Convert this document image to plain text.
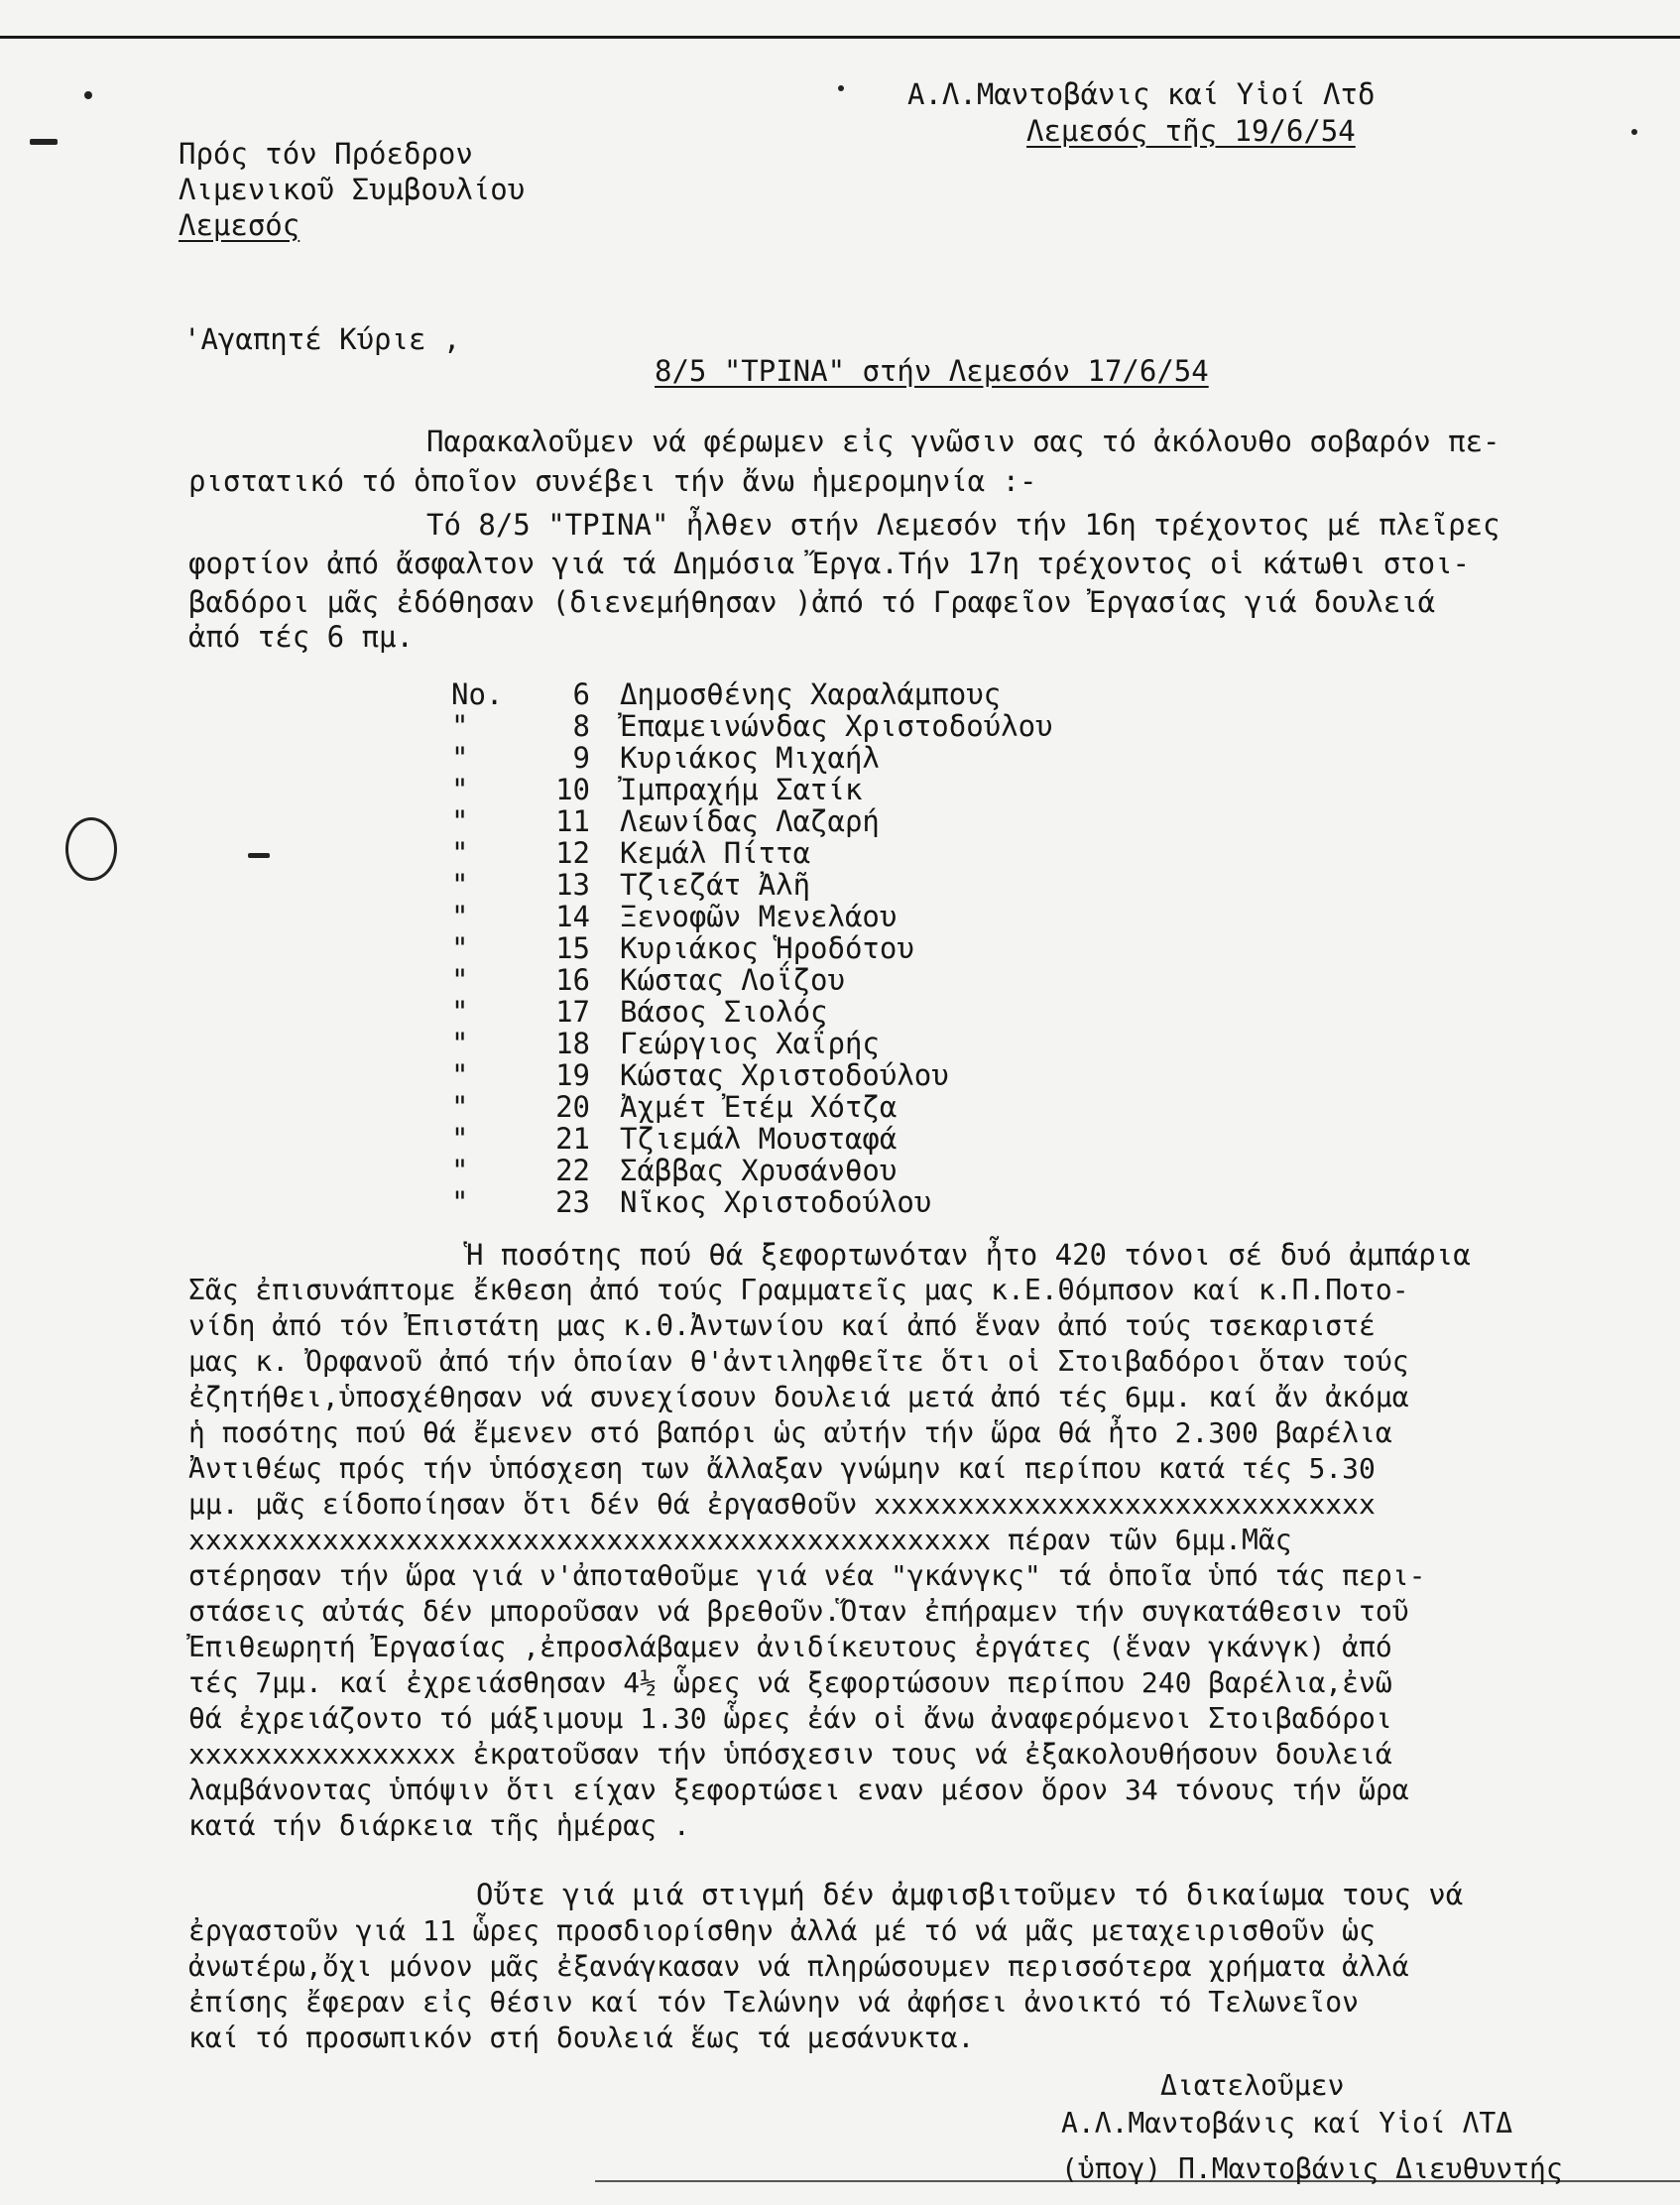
Α.Λ.Μαντοβάνις καί Υἱοί Λτδ
Λεμεσός τῆς 19/6/54
Πρός τόν Πρόεδρον
Λιμενικοῦ Συμβουλίου
Λεμεσός
'Αγαπητέ Κύριε ,
8/5 "ΤΡΙΝΑ" στήν Λεμεσόν 17/6/54
Παρακαλοῦμεν νά φέρωμεν εἰς γνῶσιν σας τό ἀκόλουθο σοβαρόν πε-
ριστατικό τό ὁποῖον συνέβει τήν ἄνω ἡμερομηνία :-
Τό 8/5 "ΤΡΙΝΑ" ἦλθεν στήν Λεμεσόν τήν 16η τρέχοντος μέ πλεῖρες
φορτίον ἀπό ἄσφαλτον γιά τά Δημόσια Ἔργα.Τήν 17η τρέχοντος οἱ κάτωθι στοι-
βαδόροι μᾶς ἐδόθησαν (διενεμήθησαν )ἀπό τό Γραφεῖον Ἐργασίας γιά δουλειά
ἀπό τές 6 πμ.
No.	6 Δημοσθένης Χαραλάμπους
"	8 Ἐπαμεινώνδας Χριστοδούλου
"	9 Κυριάκος Μιχαήλ
"	10 Ἰμπραχήμ Σατίκ
"	11 Λεωνίδας Λαζαρή
"	12 Κεμάλ Πίττα
"	13 Τζιεζάτ Ἀλῆ
"	14 Ξενοφῶν Μενελάου
"	15 Κυριάκος Ἡροδότου
"	16 Κώστας Λοΐζου
"	17 Βάσος Σιολός
"	18 Γεώργιος Χαΐρής
"	19 Κώστας Χριστοδούλου
"	20 Ἀχμέτ Ἐτέμ Χότζα
"	21 Τζιεμάλ Μουσταφά
"	22 Σάββας Χρυσάνθου
"	23 Νῖκος Χριστοδούλου
Ἡ ποσότης πού θά ξεφορτωνόταν ἦτο 420 τόνοι σέ δυό ἀμπάρια
Σᾶς ἐπισυνάπτομε ἔκθεση ἀπό τούς Γραμματεῖς μας κ.Ε.Θόμπσον καί κ.Π.Ποτο-
νίδη ἀπό τόν Ἐπιστάτη μας κ.Θ.Ἀντωνίου καί ἀπό ἕναν ἀπό τούς τσεκαριστέ
μας κ. Ὀρφανοῦ ἀπό τήν ὁποίαν θ'ἀντιληφθεῖτε ὅτι οἱ Στοιβαδόροι ὅταν τούς
ἐζητήθει,ὑποσχέθησαν νά συνεχίσουν δουλειά μετά ἀπό τές 6μμ. καί ἄν ἀκόμα
ἡ ποσότης πού θά ἔμενεν στό βαπόρι ὡς αὐτήν τήν ὥρα θά ἦτο 2.300 βαρέλια
Ἀντιθέως πρός τήν ὑπόσχεση των ἄλλαξαν γνώμην καί περίπου κατά τές 5.30
μμ. μᾶς είδοποίησαν ὅτι δέν θά ἐργασθοῦν xxxxxxxxxxxxxxxxxxxxxxxxxxxxxx
xxxxxxxxxxxxxxxxxxxxxxxxxxxxxxxxxxxxxxxxxxxxxxxx πέραν τῶν 6μμ.Μᾶς
στέρησαν τήν ὥρα γιά ν'ἀποταθοῦμε γιά νέα "γκάνγκς" τά ὁποῖα ὑπό τάς περι-
στάσεις αὐτάς δέν μποροῦσαν νά βρεθοῦν.Ὅταν ἐπήραμεν τήν συγκατάθεσιν τοῦ
Ἐπιθεωρητή Ἐργασίας ,ἐπροσλάβαμεν ἀνιδίκευτους ἐργάτες (ἕναν γκάνγκ) ἀπό
τές 7μμ. καί ἐχρειάσθησαν 4½ ὧρες νά ξεφορτώσουν περίπου 240 βαρέλια,ἐνῶ
θά ἐχρειάζοντο τό μάξιμουμ 1.30 ὧρες ἐάν οἱ ἄνω ἀναφερόμενοι Στοιβαδόροι
xxxxxxxxxxxxxxxx ἐκρατοῦσαν τήν ὑπόσχεσιν τους νά ἐξακολουθήσουν δουλειά
λαμβάνοντας ὑπόψιν ὅτι είχαν ξεφορτώσει εναν μέσον ὅρον 34 τόνους τήν ὥρα
κατά τήν διάρκεια τῆς ἡμέρας .
Οὔτε γιά μιά στιγμή δέν ἀμφισβιτοῦμεν τό δικαίωμα τους νά
ἐργαστοῦν γιά 11 ὧρες προσδιορίσθην ἀλλά μέ τό νά μᾶς μεταχειρισθοῦν ὡς
ἀνωτέρω,ὄχι μόνον μᾶς ἐξανάγκασαν νά πληρώσουμεν περισσότερα χρήματα ἀλλά
ἐπίσης ἔφεραν εἰς θέσιν καί τόν Τελώνην νά ἀφήσει ἀνοικτό τό Τελωνεῖον
καί τό προσωπικόν στή δουλειά ἕως τά μεσάνυκτα.
Διατελοῦμεν
Α.Λ.Μαντοβάνις καί Υἱοί ΛΤΔ
(ὑπογ) Π.Μαντοβάνις Διευθυντής
